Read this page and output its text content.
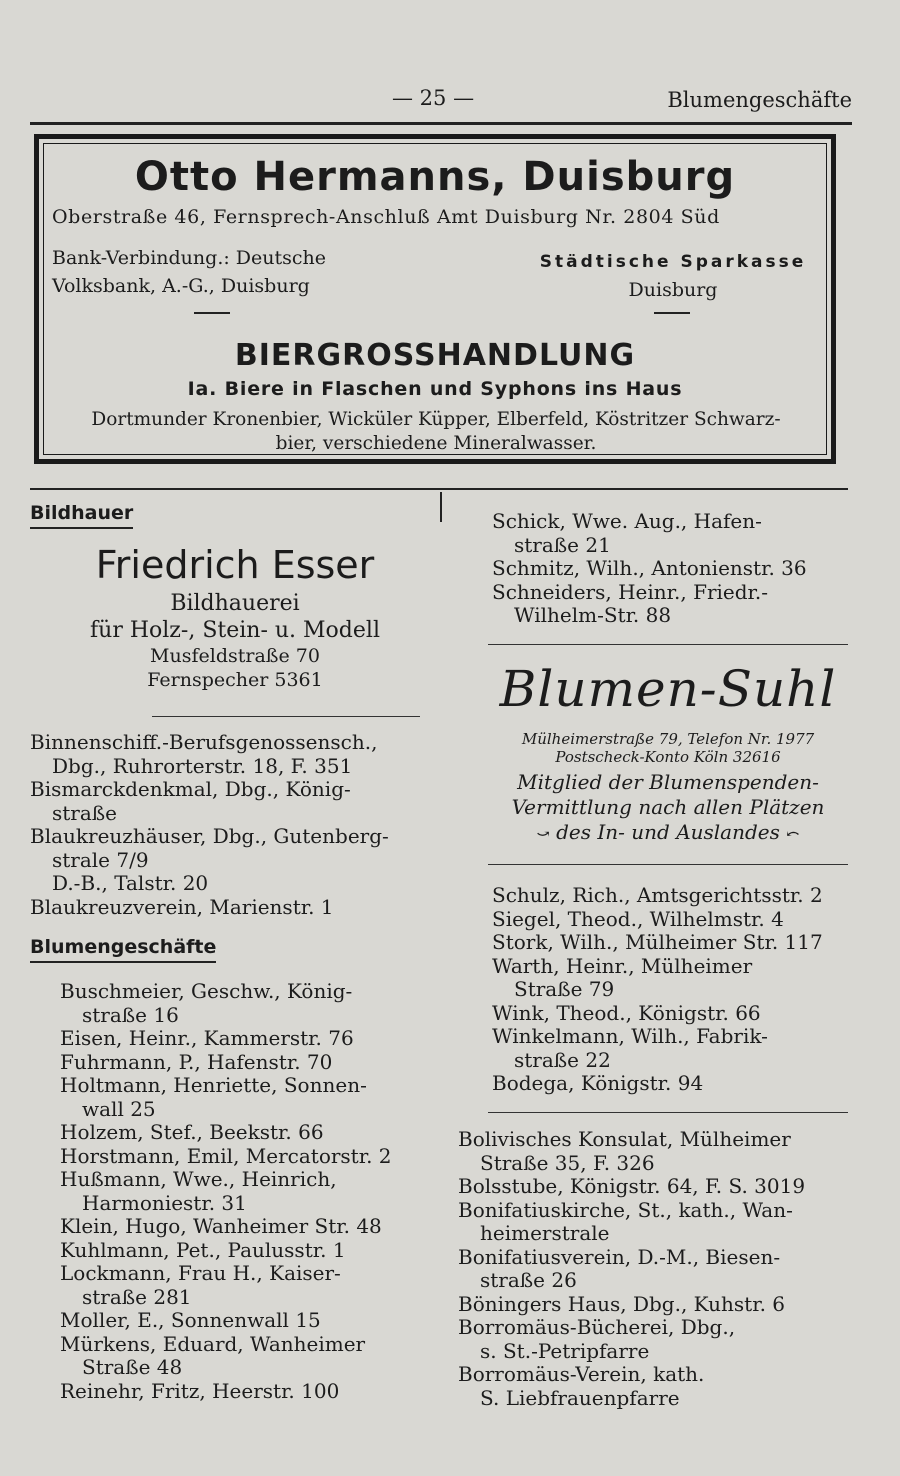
— 25 —	Blumengeschäfte
Otto Hermanns, Duisburg
Oberstraße 46, Fernsprech-Anschluß Amt Duisburg Nr. 2804 Süd
Bank-Verbindung.: Deutsche
Volksbank, A.-G., Duisburg
Städtische Sparkasse
Duisburg
BIERGROSSHANDLUNG
Ia. Biere in Flaschen und Syphons ins Haus
Dortmunder Kronenbier, Wicküler Küpper, Elberfeld, Köstritzer Schwarz-
bier, verschiedene Mineralwasser.
Bildhauer
Friedrich Esser
Bildhauerei
für Holz-, Stein- u. Modell
Musfeldstraße 70
Fernspecher 5361
Binnenschiff.-Berufsgenossensch.,
Dbg., Ruhrorterstr. 18, F. 351
Bismarckdenkmal, Dbg., König-
straße
Blaukreuzhäuser, Dbg., Gutenberg-
strale 7/9
D.-B., Talstr. 20
Blaukreuzverein, Marienstr. 1
Blumengeschäfte
Buschmeier, Geschw., König-
straße 16
Eisen, Heinr., Kammerstr. 76
Fuhrmann, P., Hafenstr. 70
Holtmann, Henriette, Sonnen-
wall 25
Holzem, Stef., Beekstr. 66
Horstmann, Emil, Mercatorstr. 2
Hußmann, Wwe., Heinrich,
Harmoniestr. 31
Klein, Hugo, Wanheimer Str. 48
Kuhlmann, Pet., Paulusstr. 1
Lockmann, Frau H., Kaiser-
straße 281
Moller, E., Sonnenwall 15
Mürkens, Eduard, Wanheimer
Straße 48
Reinehr, Fritz, Heerstr. 100
Schick, Wwe. Aug., Hafen-
straße 21
Schmitz, Wilh., Antonienstr. 36
Schneiders, Heinr., Friedr.-
Wilhelm-Str. 88
Blumen-Suhl
Mülheimerstraße 79, Telefon Nr. 1977
Postscheck-Konto Köln 32616
Mitglied der Blumenspenden-
Vermittlung nach allen Plätzen
⤻ des In- und Auslandes ⤺
Schulz, Rich., Amtsgerichtsstr. 2
Siegel, Theod., Wilhelmstr. 4
Stork, Wilh., Mülheimer Str. 117
Warth, Heinr., Mülheimer
Straße 79
Wink, Theod., Königstr. 66
Winkelmann, Wilh., Fabrik-
straße 22
Bodega, Königstr. 94
Bolivisches Konsulat, Mülheimer
Straße 35, F. 326
Bolsstube, Königstr. 64, F. S. 3019
Bonifatiuskirche, St., kath., Wan-
heimerstrale
Bonifatiusverein, D.-M., Biesen-
straße 26
Böningers Haus, Dbg., Kuhstr. 6
Borromäus-Bücherei, Dbg.,
s. St.-Petripfarre
Borromäus-Verein, kath.
S. Liebfrauenpfarre
